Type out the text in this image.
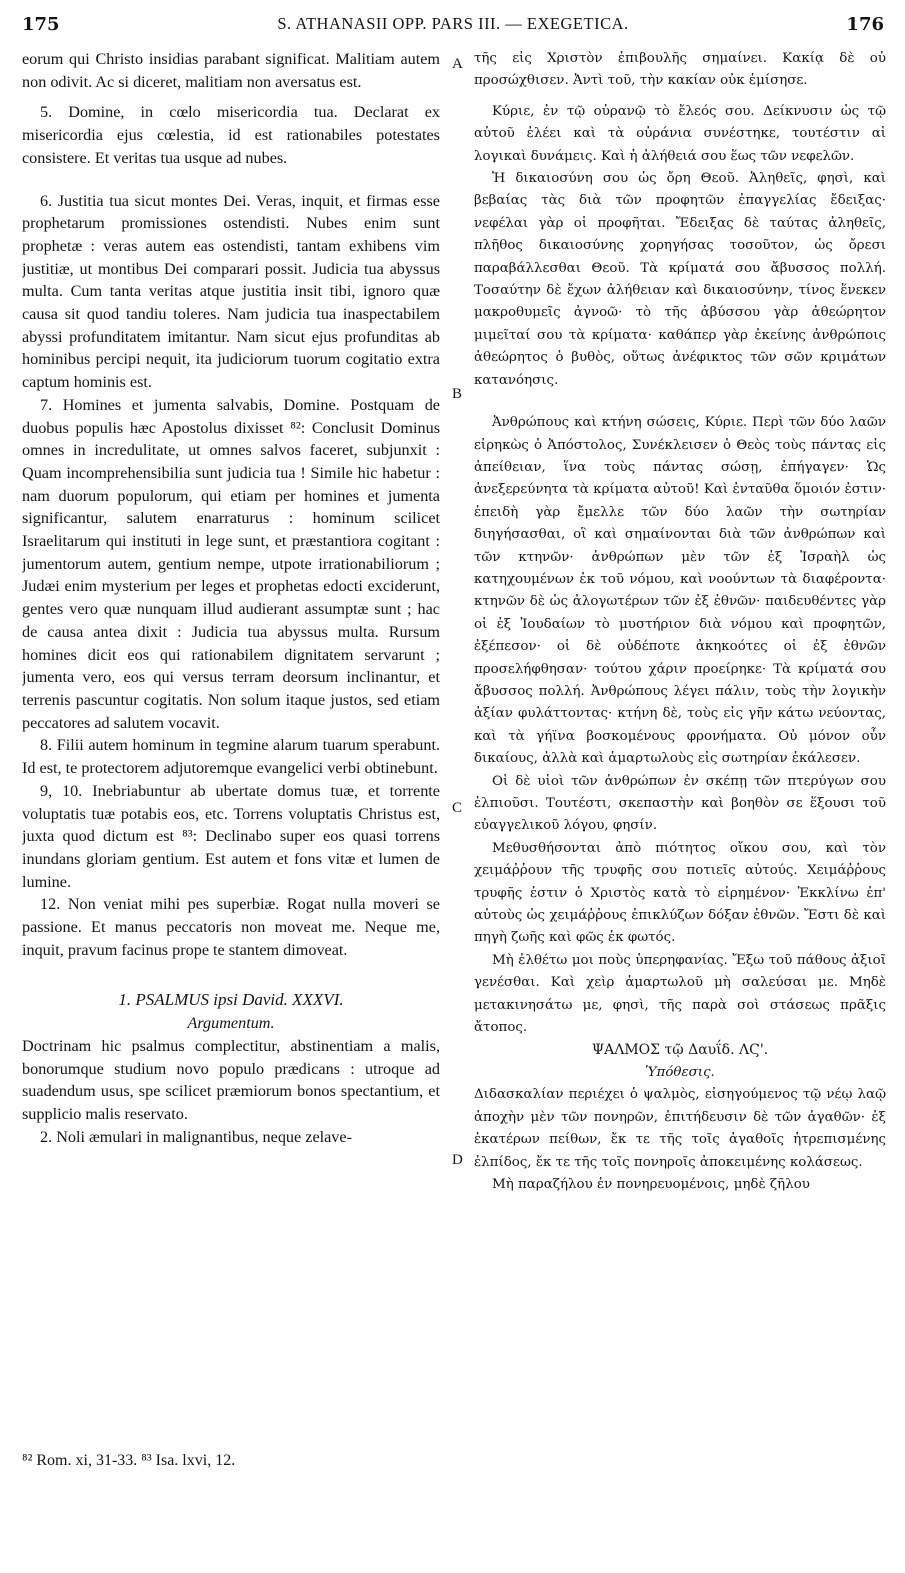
175	S. ATHANASII OPP. PARS III. — EXEGETICA.	176

eorum qui Christo insidias parabant significat. Malitiam autem non odivit. Ac si diceret, malitiam non aversatus est.

5. Domine, in cœlo misericordia tua. Declarat ex misericordia ejus cœlestia, id est rationabiles potestates consistere. Et veritas tua usque ad nubes.

6. Justitia tua sicut montes Dei. Veras, inquit, et firmas esse prophetarum promissiones ostendisti. Nubes enim sunt prophetæ : veras autem eas ostendisti, tantam exhibens vim justitiæ, ut montibus Dei comparari possit. Judicia tua abyssus multa. Cum tanta veritas atque justitia insit tibi, ignoro quæ causa sit quod tandiu toleres. Nam judicia tua inaspectabilem abyssi profunditatem imitantur. Nam sicut ejus profunditas ab hominibus percipi nequit, ita judiciorum tuorum cogitatio extra captum hominis est.

7. Homines et jumenta salvabis, Domine. Postquam de duobus populis hæc Apostolus dixisset ⁸²: Conclusit Dominus omnes in incredulitate, ut omnes salvos faceret, subjunxit : Quam incomprehensibilia sunt judicia tua ! Simile hic habetur : nam duorum populorum, qui etiam per homines et jumenta significantur, salutem enarraturus : hominum scilicet Israelitarum qui instituti in lege sunt, et præstantiora cogitant : jumentorum autem, gentium nempe, utpote irrationabiliorum ; Judæi enim mysterium per leges et prophetas edocti exciderunt, gentes vero quæ nunquam illud audierant assumptæ sunt ; hac de causa antea dixit : Judicia tua abyssus multa. Rursum homines dicit eos qui rationabilem dignitatem servarunt ; jumenta vero, eos qui versus terram deorsum inclinantur, et terrenis pascuntur cogitatis. Non solum itaque justos, sed etiam peccatores ad salutem vocavit.

8. Filii autem hominum in tegmine alarum tuarum sperabunt. Id est, te protectorem adjutoremque evangelici verbi obtinebunt.

9, 10. Inebriabuntur ab ubertate domus tuæ, et torrente voluptatis tuæ potabis eos, etc. Torrens voluptatis Christus est, juxta quod dictum est ⁸³: Declinabo super eos quasi torrens inundans gloriam gentium. Est autem et fons vitæ et lumen de lumine.

12. Non veniat mihi pes superbiæ. Rogat nulla moveri se passione. Et manus peccatoris non moveat me. Neque me, inquit, pravum facinus prope te stantem dimoveat.

1. PSALMUS ipsi David. XXXVI.

Argumentum.

Doctrinam hic psalmus complectitur, abstinentiam a malis, bonorumque studium novo populo prædicans : utroque ad suadendum usus, spe scilicet præmiorum bonos spectantium, et supplicio malis reservato.

2. Noli æmulari in malignantibus, neque zelave-

τῆς εἰς Χριστὸν ἐπιβουλῆς σημαίνει. Κακίᾳ δὲ οὐ προσώχθισεν. Ἀντὶ τοῦ, τὴν κακίαν οὐκ ἐμίσησε.

Κύριε, ἐν τῷ οὐρανῷ τὸ ἔλεός σου. Δείκνυσιν ὡς τῷ αὐτοῦ ἐλέει καὶ τὰ οὐράνια συνέστηκε, τουτέστιν αἱ λογικαὶ δυνάμεις. Καὶ ἡ ἀλήθειά σου ἕως τῶν νεφελῶν.

Ἡ δικαιοσύνη σου ὡς ὄρη Θεοῦ. Ἀληθεῖς, φησὶ, καὶ βεβαίας τὰς διὰ τῶν προφητῶν ἐπαγγελίας ἔδειξας· νεφέλαι γὰρ οἱ προφῆται. Ἔδειξας δὲ ταύτας ἀληθεῖς, πλῆθος δικαιοσύνης χορηγήσας τοσοῦτον, ὡς ὄρεσι παραβάλλεσθαι Θεοῦ. Τὰ κρίματά σου ἄβυσσος πολλή. Τοσαύτην δὲ ἔχων ἀλήθειαν καὶ δικαιοσύνην, τίνος ἕνεκεν μακροθυμεῖς ἀγνοῶ· τὸ τῆς ἀβύσσου γὰρ ἀθεώρητον μιμεῖταί σου τὰ κρίματα· καθάπερ γὰρ ἐκείνης ἀνθρώποις ἀθεώρητος ὁ βυθὸς, οὕτως ἀνέφικτος τῶν σῶν κριμάτων κατανόησις.

Ἀνθρώπους καὶ κτήνη σώσεις, Κύριε. Περὶ τῶν δύο λαῶν εἰρηκὼς ὁ Ἀπόστολος, Συνέκλεισεν ὁ Θεὸς τοὺς πάντας εἰς ἀπείθειαν, ἵνα τοὺς πάντας σώσῃ, ἐπήγαγεν· Ὡς ἀνεξερεύνητα τὰ κρίματα αὐτοῦ! Καὶ ἐνταῦθα ὅμοιόν ἐστιν· ἐπειδὴ γὰρ ἔμελλε τῶν δύο λαῶν τὴν σωτηρίαν διηγήσασθαι, οἳ καὶ σημαίνονται διὰ τῶν ἀνθρώπων καὶ τῶν κτηνῶν· ἀνθρώπων μὲν τῶν ἐξ Ἰσραὴλ ὡς κατηχουμένων ἐκ τοῦ νόμου, καὶ νοούντων τὰ διαφέροντα· κτηνῶν δὲ ὡς ἀλογωτέρων τῶν ἐξ ἐθνῶν· παιδευθέντες γὰρ οἱ ἐξ Ἰουδαίων τὸ μυστήριον διὰ νόμου καὶ προφητῶν, ἐξέπεσον· οἱ δὲ οὐδέποτε ἀκηκοότες οἱ ἐξ ἐθνῶν προσελήφθησαν· τούτου χάριν προείρηκε· Τὰ κρίματά σου ἄβυσσος πολλή. Ἀνθρώπους λέγει πάλιν, τοὺς τὴν λογικὴν ἀξίαν φυλάττοντας· κτήνη δὲ, τοὺς εἰς γῆν κάτω νεύοντας, καὶ τὰ γήϊνα βοσκομένους φρονήματα. Οὐ μόνον οὖν δικαίους, ἀλλὰ καὶ ἁμαρτωλοὺς εἰς σωτηρίαν ἐκάλεσεν.

Οἱ δὲ υἱοὶ τῶν ἀνθρώπων ἐν σκέπῃ τῶν πτερύγων σου ἐλπιοῦσι. Τουτέστι, σκεπαστὴν καὶ βοηθὸν σε ἕξουσι τοῦ εὐαγγελικοῦ λόγου, φησίν.

Μεθυσθήσονται ἀπὸ πιότητος οἴκου σου, καὶ τὸν χειμάῤῥουν τῆς τρυφῆς σου ποτιεῖς αὐτούς. Χειμάῤῥους τρυφῆς ἐστιν ὁ Χριστὸς κατὰ τὸ εἰρημένον· Ἐκκλίνω ἐπ' αὐτοὺς ὡς χειμάῤῥους ἐπικλύζων δόξαν ἐθνῶν. Ἔστι δὲ καὶ πηγὴ ζωῆς καὶ φῶς ἐκ φωτός.

Μὴ ἐλθέτω μοι ποὺς ὑπερηφανίας. Ἔξω τοῦ πάθους ἀξιοῖ γενέσθαι. Καὶ χεὶρ ἁμαρτωλοῦ μὴ σαλεύσαι με. Μηδὲ μετακινησάτω με, φησὶ, τῆς παρὰ σοὶ στάσεως πρᾶξις ἄτοπος.

ΨΑΛΜΟΣ τῷ Δαυΐδ. ΛϚ'.

Ὑπόθεσις.

Διδασκαλίαν περιέχει ὁ ψαλμὸς, εἰσηγούμενος τῷ νέῳ λαῷ ἀποχὴν μὲν τῶν πονηρῶν, ἐπιτήδευσιν δὲ τῶν ἀγαθῶν· ἐξ ἑκατέρων πείθων, ἔκ τε τῆς τοῖς ἀγαθοῖς ἡτρεπισμένης ἐλπίδος, ἔκ τε τῆς τοῖς πονηροῖς ἀποκειμένης κολάσεως.

Μὴ παραζήλου ἐν πονηρευομένοις, μηδὲ ζῆλου

A
B
C
D
⁸² Rom. xi, 31-33. ⁸³ Isa. lxvi, 12.
